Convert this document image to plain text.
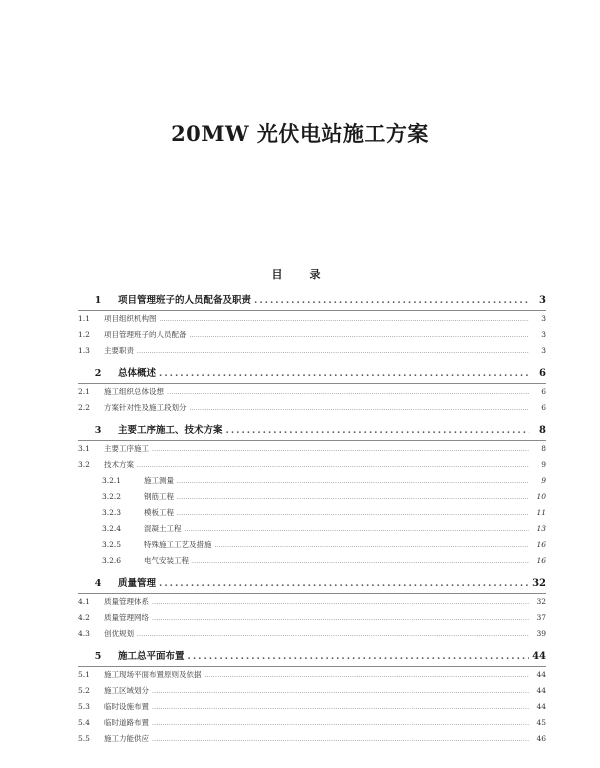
20MW 光伏电站施工方案
目　录
1	项目管理班子的人员配备及职责 .....	3
1.1	项目组织机构图 .....	3
1.2	项目管理班子的人员配备 .....	3
1.3	主要职责 .....	3
2	总体概述 .....	6
2.1	施工组织总体设想 .....	6
2.2	方案针对性及施工段划分 .....	6
3	主要工序施工、技术方案 .....	8
3.1	主要工序施工 .....	8
3.2	技术方案 .....	9
3.2.1	施工测量 .....	9
3.2.2	钢筋工程 .....	10
3.2.3	模板工程 .....	11
3.2.4	混凝土工程 .....	13
3.2.5	特殊施工工艺及措施 .....	16
3.2.6	电气安装工程 .....	16
4	质量管理 .....	32
4.1	质量管理体系 .....	32
4.2	质量管理网络 .....	37
4.3	创优规划 .....	39
5	施工总平面布置 .....	44
5.1	施工现场平面布置原则及依据 .....	44
5.2	施工区域划分 .....	44
5.3	临时设施布置 .....	44
5.4	临时道路布置 .....	45
5.5	施工力能供应 .....	46
